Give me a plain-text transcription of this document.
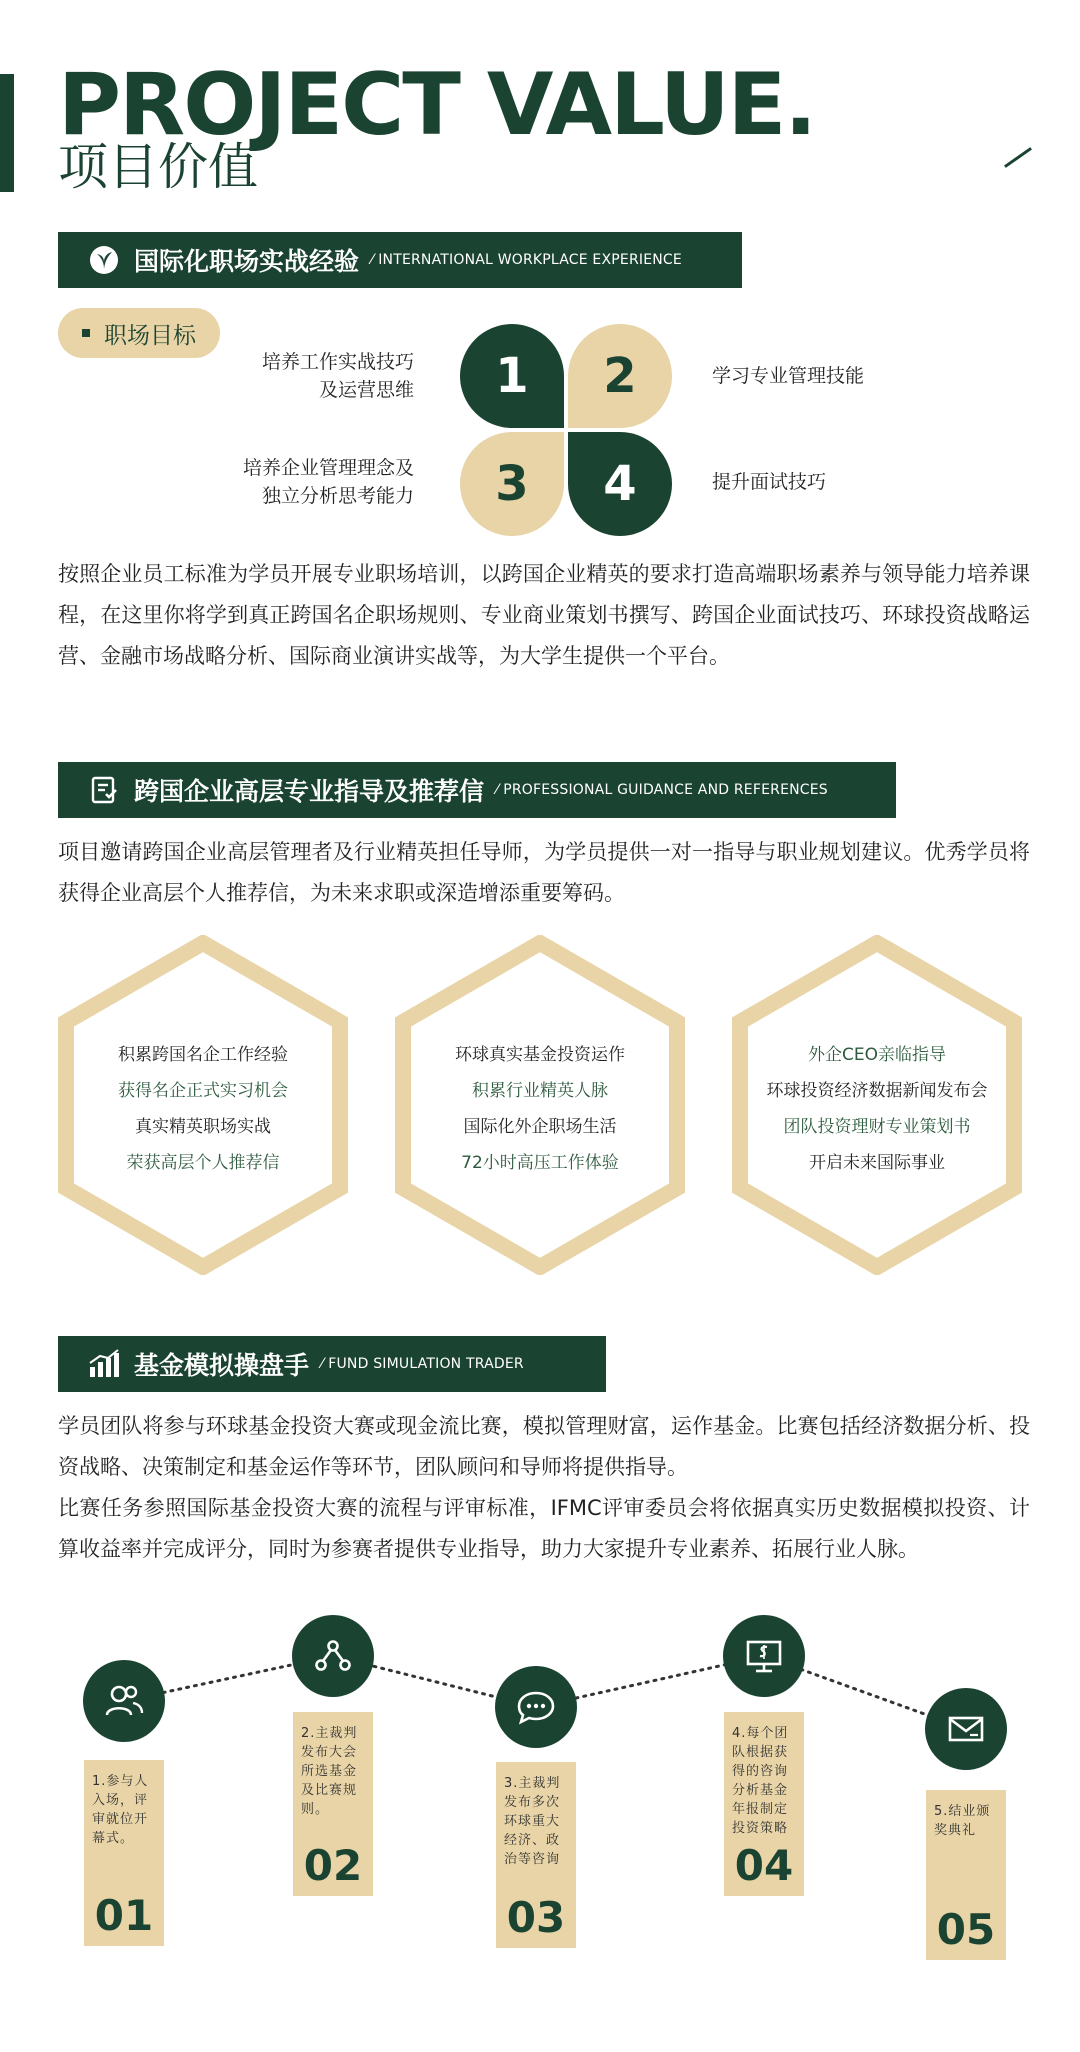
PROJECT VALUE.
项目价值
国际化职场实战经验 ⁄ INTERNATIONAL WORKPLACE EXPERIENCE
职场目标
1	2
3	4
培养工作实战技巧
及运营思维
学习专业管理技能
培养企业管理理念及
独立分析思考能力
提升面试技巧

按照企业员工标准为学员开展专业职场培训，以跨国企业精英的要求打造高端职场素养与领导能力培养课程，在这里你将学到真正跨国名企职场规则、专业商业策划书撰写、跨国企业面试技巧、环球投资战略运营、金融市场战略分析、国际商业演讲实战等，为大学生提供一个平台。

跨国企业高层专业指导及推荐信 ⁄ PROFESSIONAL GUIDANCE AND REFERENCES

项目邀请跨国企业高层管理者及行业精英担任导师，为学员提供一对一指导与职业规划建议。优秀学员将获得企业高层个人推荐信，为未来求职或深造增添重要筹码。

积累跨国名企工作经验
获得名企正式实习机会
真实精英职场实战
荣获高层个人推荐信
环球真实基金投资运作
积累行业精英人脉
国际化外企职场生活
72小时高压工作体验
外企CEO亲临指导
环球投资经济数据新闻发布会
团队投资理财专业策划书
开启未来国际事业
基金模拟操盘手 ⁄ FUND SIMULATION TRADER

学员团队将参与环球基金投资大赛或现金流比赛，模拟管理财富，运作基金。比赛包括经济数据分析、投资战略、决策制定和基金运作等环节，团队顾问和导师将提供指导。

比赛任务参照国际基金投资大赛的流程与评审标准，IFMC评审委员会将依据真实历史数据模拟投资、计算收益率并完成评分，同时为参赛者提供专业指导，助力大家提升专业素养、拓展行业人脉。

1.参与人入场，评审就位开幕式。
01
2.主裁判发布大会所选基金及比赛规则。
02
3.主裁判发布多次环球重大经济、政治等咨询
03
4.每个团队根据获得的咨询分析基金年报制定投资策略
04
5.结业颁奖典礼
05
